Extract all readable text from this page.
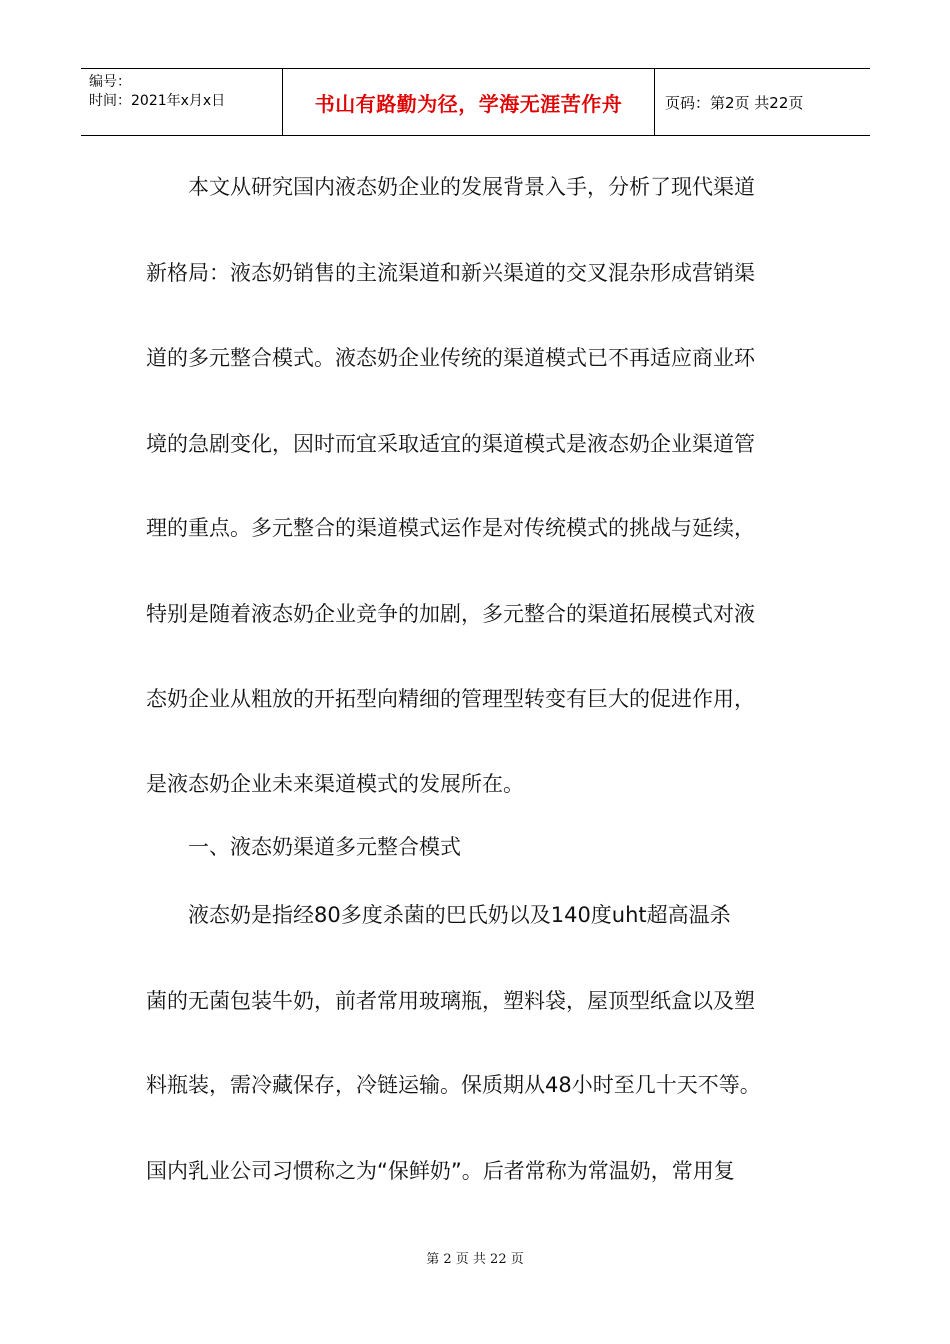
编号：
时间：2021年x月x日	书山有路勤为径，学海无涯苦作舟	页码：第2页 共22页
本文从研究国内液态奶企业的发展背景入手，分析了现代渠道
新格局：液态奶销售的主流渠道和新兴渠道的交叉混杂形成营销渠
道的多元整合模式。液态奶企业传统的渠道模式已不再适应商业环
境的急剧变化，因时而宜采取适宜的渠道模式是液态奶企业渠道管
理的重点。多元整合的渠道模式运作是对传统模式的挑战与延续，
特别是随着液态奶企业竞争的加剧，多元整合的渠道拓展模式对液
态奶企业从粗放的开拓型向精细的管理型转变有巨大的促进作用，
是液态奶企业未来渠道模式的发展所在。
一、液态奶渠道多元整合模式
液态奶是指经80多度杀菌的巴氏奶以及140度uht超高温杀
菌的无菌包装牛奶，前者常用玻璃瓶，塑料袋，屋顶型纸盒以及塑
料瓶装，需冷藏保存，冷链运输。保质期从48小时至几十天不等。
国内乳业公司习惯称之为“保鲜奶”。后者常称为常温奶，常用复
第 2 页 共 22 页
